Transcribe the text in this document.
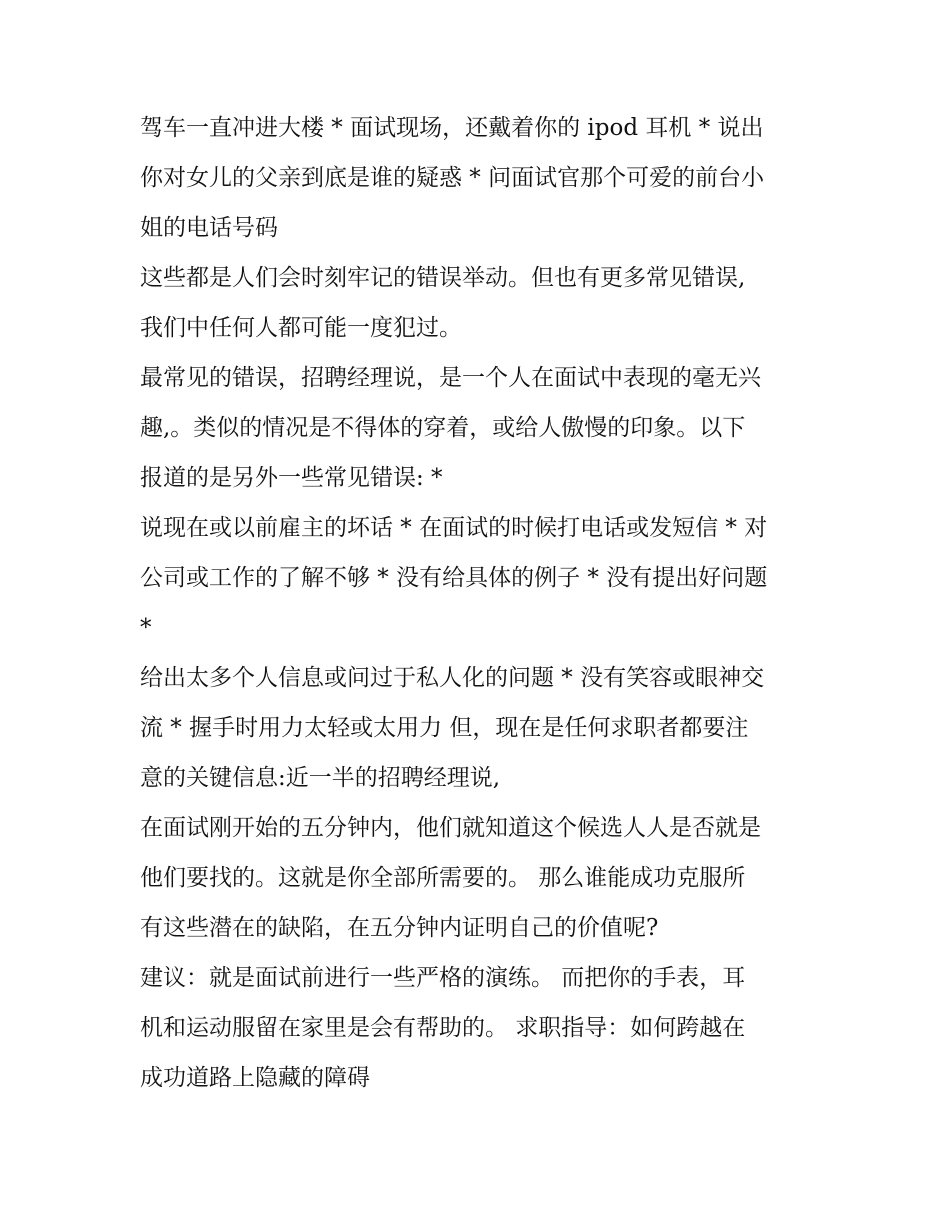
驾车一直冲进大楼 * 面试现场，还戴着你的 ipod 耳机 * 说出
你对女儿的父亲到底是谁的疑惑 * 问面试官那个可爱的前台小
姐的电话号码
这些都是人们会时刻牢记的错误举动。但也有更多常见错误,
我们中任何人都可能一度犯过。
最常见的错误，招聘经理说，是一个人在面试中表现的毫无兴
趣,。类似的情况是不得体的穿着，或给人傲慢的印象。以下
报道的是另外一些常见错误: *
说现在或以前雇主的坏话 * 在面试的时候打电话或发短信 * 对
公司或工作的了解不够 * 没有给具体的例子 * 没有提出好问题
*
给出太多个人信息或问过于私人化的问题 * 没有笑容或眼神交
流 * 握手时用力太轻或太用力 但，现在是任何求职者都要注
意的关键信息:近一半的招聘经理说,
在面试刚开始的五分钟内，他们就知道这个候选人人是否就是
他们要找的。这就是你全部所需要的。 那么谁能成功克服所
有这些潜在的缺陷，在五分钟内证明自己的价值呢?
建议：就是面试前进行一些严格的演练。 而把你的手表，耳
机和运动服留在家里是会有帮助的。 求职指导：如何跨越在
成功道路上隐藏的障碍
